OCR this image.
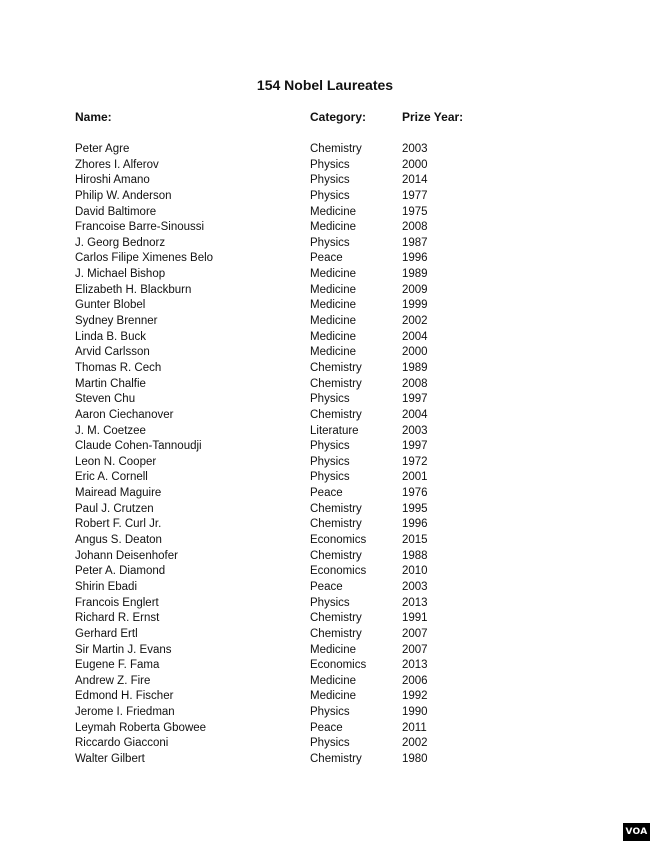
154 Nobel Laureates
Name:	Category:	Prize Year:
Peter Agre	Chemistry	2003
Zhores I. Alferov	Physics	2000
Hiroshi Amano	Physics	2014
Philip W. Anderson	Physics	1977
David Baltimore	Medicine	1975
Francoise Barre-Sinoussi	Medicine	2008
J. Georg Bednorz	Physics	1987
Carlos Filipe Ximenes Belo	Peace	1996
J. Michael Bishop	Medicine	1989
Elizabeth H. Blackburn	Medicine	2009
Gunter Blobel	Medicine	1999
Sydney Brenner	Medicine	2002
Linda B. Buck	Medicine	2004
Arvid Carlsson	Medicine	2000
Thomas R. Cech	Chemistry	1989
Martin Chalfie	Chemistry	2008
Steven Chu	Physics	1997
Aaron Ciechanover	Chemistry	2004
J. M. Coetzee	Literature	2003
Claude Cohen-Tannoudji	Physics	1997
Leon N. Cooper	Physics	1972
Eric A. Cornell	Physics	2001
Mairead Maguire	Peace	1976
Paul J. Crutzen	Chemistry	1995
Robert F. Curl Jr.	Chemistry	1996
Angus S. Deaton	Economics	2015
Johann Deisenhofer	Chemistry	1988
Peter A. Diamond	Economics	2010
Shirin Ebadi	Peace	2003
Francois Englert	Physics	2013
Richard R. Ernst	Chemistry	1991
Gerhard Ertl	Chemistry	2007
Sir Martin J. Evans	Medicine	2007
Eugene F. Fama	Economics	2013
Andrew Z. Fire	Medicine	2006
Edmond H. Fischer	Medicine	1992
Jerome I. Friedman	Physics	1990
Leymah Roberta Gbowee	Peace	2011
Riccardo Giacconi	Physics	2002
Walter Gilbert	Chemistry	1980
VOA
